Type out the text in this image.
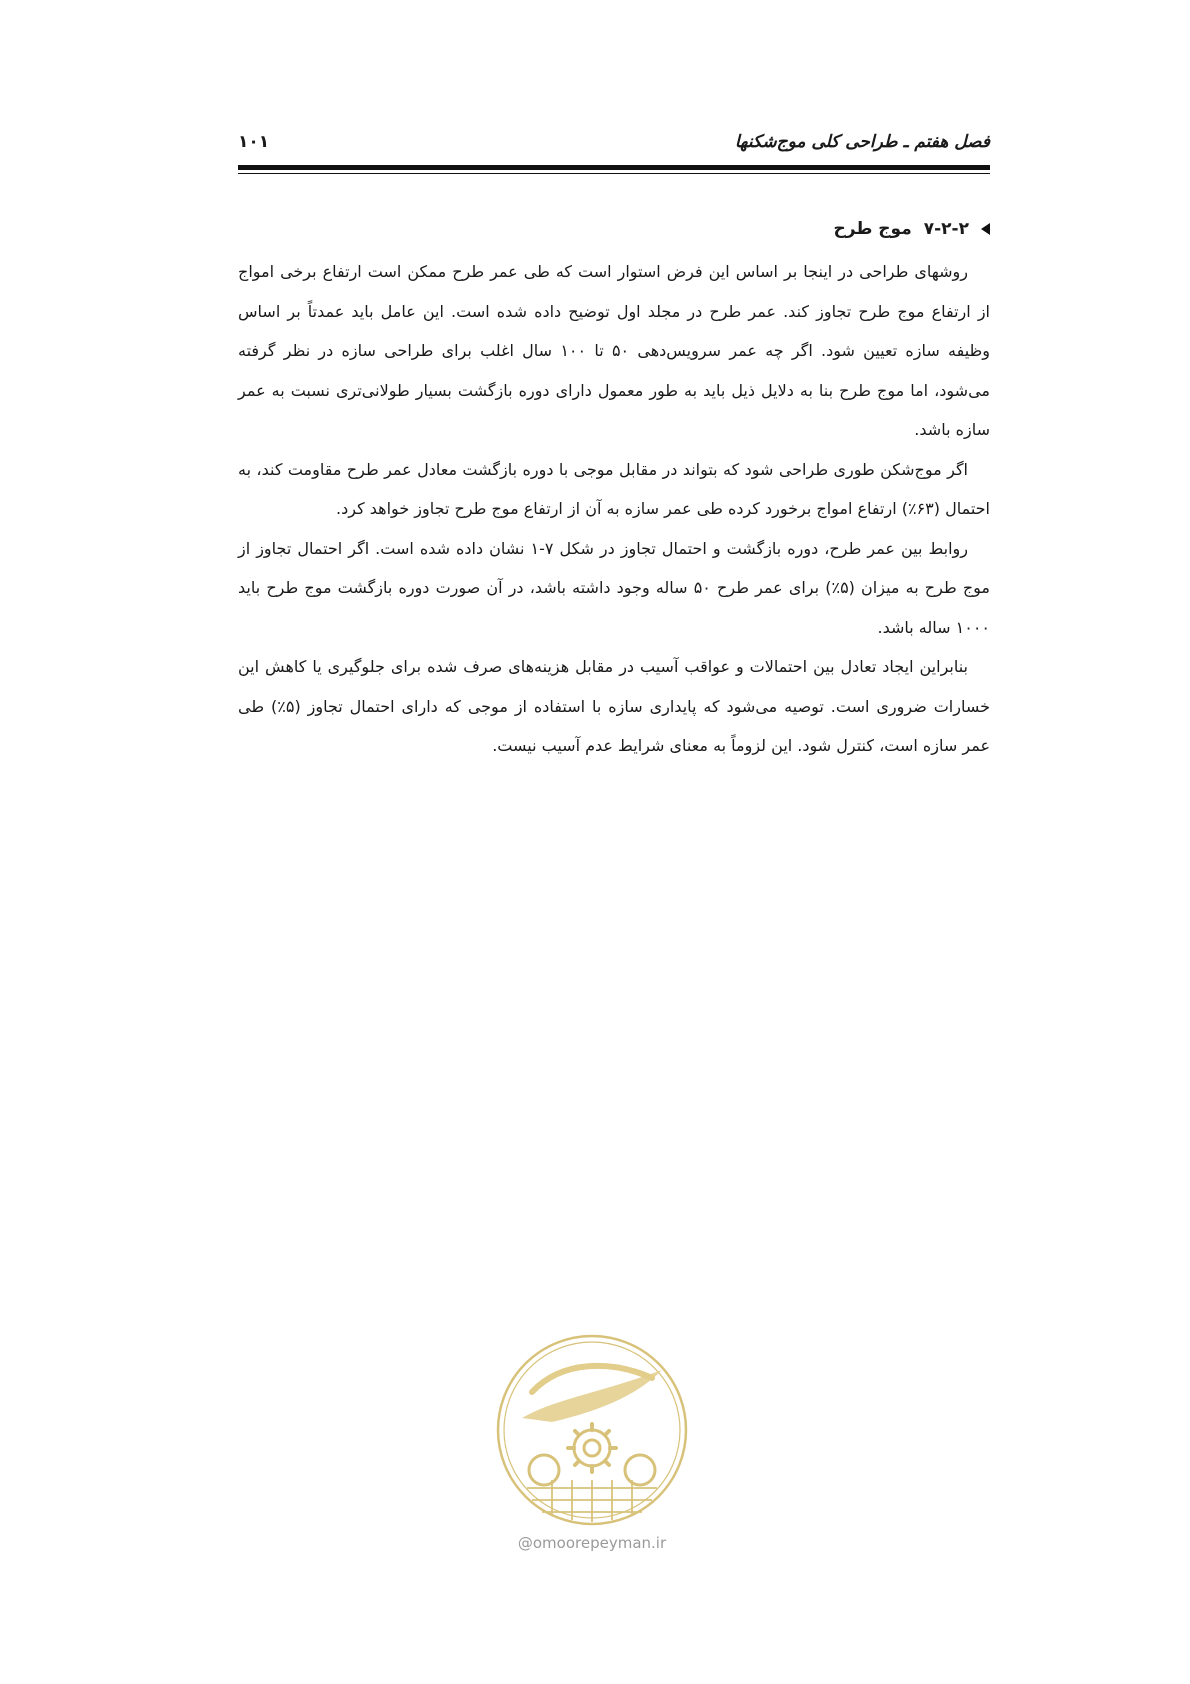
فصل هفتم ـ طراحی کلی موج‌شکنها
۱۰۱
۷-۲-۲
موج طرح

روشهای طراحی در اینجا بر اساس این فرض استوار است که طی عمر طرح ممکن است ارتفاع برخی امواج از ارتفاع موج طرح تجاوز کند. عمر طرح در مجلد اول توضیح داده شده است. این عامل باید عمدتاً بر اساس وظیفه سازه تعیین شود. اگر چه عمر سرویس‌دهی ۵۰ تا ۱۰۰ سال اغلب برای طراحی سازه در نظر گرفته می‌شود، اما موج طرح بنا به دلایل ذیل باید به طور معمول دارای دوره بازگشت بسیار طولانی‌تری نسبت به عمر سازه باشد.

اگر موج‌شکن طوری طراحی شود که بتواند در مقابل موجی با دوره بازگشت معادل عمر طرح مقاومت کند، به احتمال (۶۳٪) ارتفاع امواج برخورد کرده طی عمر سازه به آن از ارتفاع موج طرح تجاوز خواهد کرد.

روابط بین عمر طرح، دوره بازگشت و احتمال تجاوز در شکل ۷-۱ نشان داده شده است. اگر احتمال تجاوز از موج طرح به میزان (۵٪) برای عمر طرح ۵۰ ساله وجود داشته باشد، در آن صورت دوره بازگشت موج طرح باید ۱۰۰۰ ساله باشد.

بنابراین ایجاد تعادل بین احتمالات و عواقب آسیب در مقابل هزینه‌های صرف شده برای جلوگیری یا کاهش این خسارات ضروری است. توصیه می‌شود که پایداری سازه با استفاده از موجی که دارای احتمال تجاوز (۵٪) طی عمر سازه است، کنترل شود. این لزوماً به معنای شرایط عدم آسیب نیست.

@omoorepeyman.ir
